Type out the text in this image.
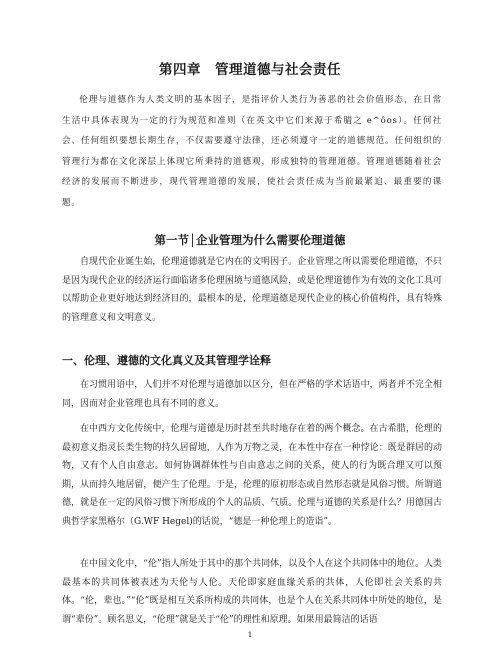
第四章　管理道德与社会责任

伦理与道德作为人类文明的基本因子，是指评价人类行为善恶的社会价值形态，在日常生活中具体表现为一定的行为规范和准则（在英文中它们来源于希腊之 e^ôos）。任何社会、任何组织要想长期生存，不仅需要遵守法律，还必须遵守一定的道德规范。任何组织的管理行为都在文化深层上体现它所秉持的道德观，形成独特的管理道德。管理道德随着社会经济的发展而不断进步，现代管理道德的发展，使社会责任成为当前最紧迫、最重要的课题。

第一节│企业管理为什么需要伦理道德

自现代企业诞生始，伦理道德就是它内在的文明因子。企业管理之所以需要伦理道德，不只是因为现代企业的经济运行面临诸多伦理困境与道德风险，或是伦理道德作为有效的文化工具可以帮助企业更好地达到经济目的，最根本的是，伦理道德是现代企业的核心价值构件，具有特殊的管理意义和文明意义。

一、伦理、遵德的文化真义及其管理学诠释

在习惯用语中，人们并不对伦理与道德加以区分，但在严格的学术话语中，两者并不完全相同，因而对企业管理也具有不同的意义。

在中西方文化传统中，伦理与道德是历时甚至共时地存在着的两个概念。在古希腊，伦理的最初意义指灵长类生物的持久居留地，人作为万物之灵，在本性中存在一种悖论：既是群居的动物，又有个人自由意志。如何协调群体性与自由意志之间的关系，使人的行为既合理又可以预期，从而持久地居留，便产生了伦理。于是，伦理的原初形态或自然形态就是风俗习惯。所谓道德，就是在一定的风俗习惯下所形成的个人的品质、气质。伦理与道德的关系是什么？用德国古典哲学家黑格尔（G.WF Hegel)的话说，“德是一种伦理上的造诣”。

在中国文化中，“伦”指人所处于其中的那个共同体，以及个人在这个共同体中的地位。人类最基本的共同体被表述为天伦与人伦。天伦即家庭血缘关系的共体，人伦即社会关系的共体。“伦，辈也。”“伦”既是相互关系所构成的共同体，也是个人在关系共同体中所处的地位，是谓“辈份”。顾名思义，“伦理”就是关于“伦”的理性和原理。如果用最简洁的话语

1
